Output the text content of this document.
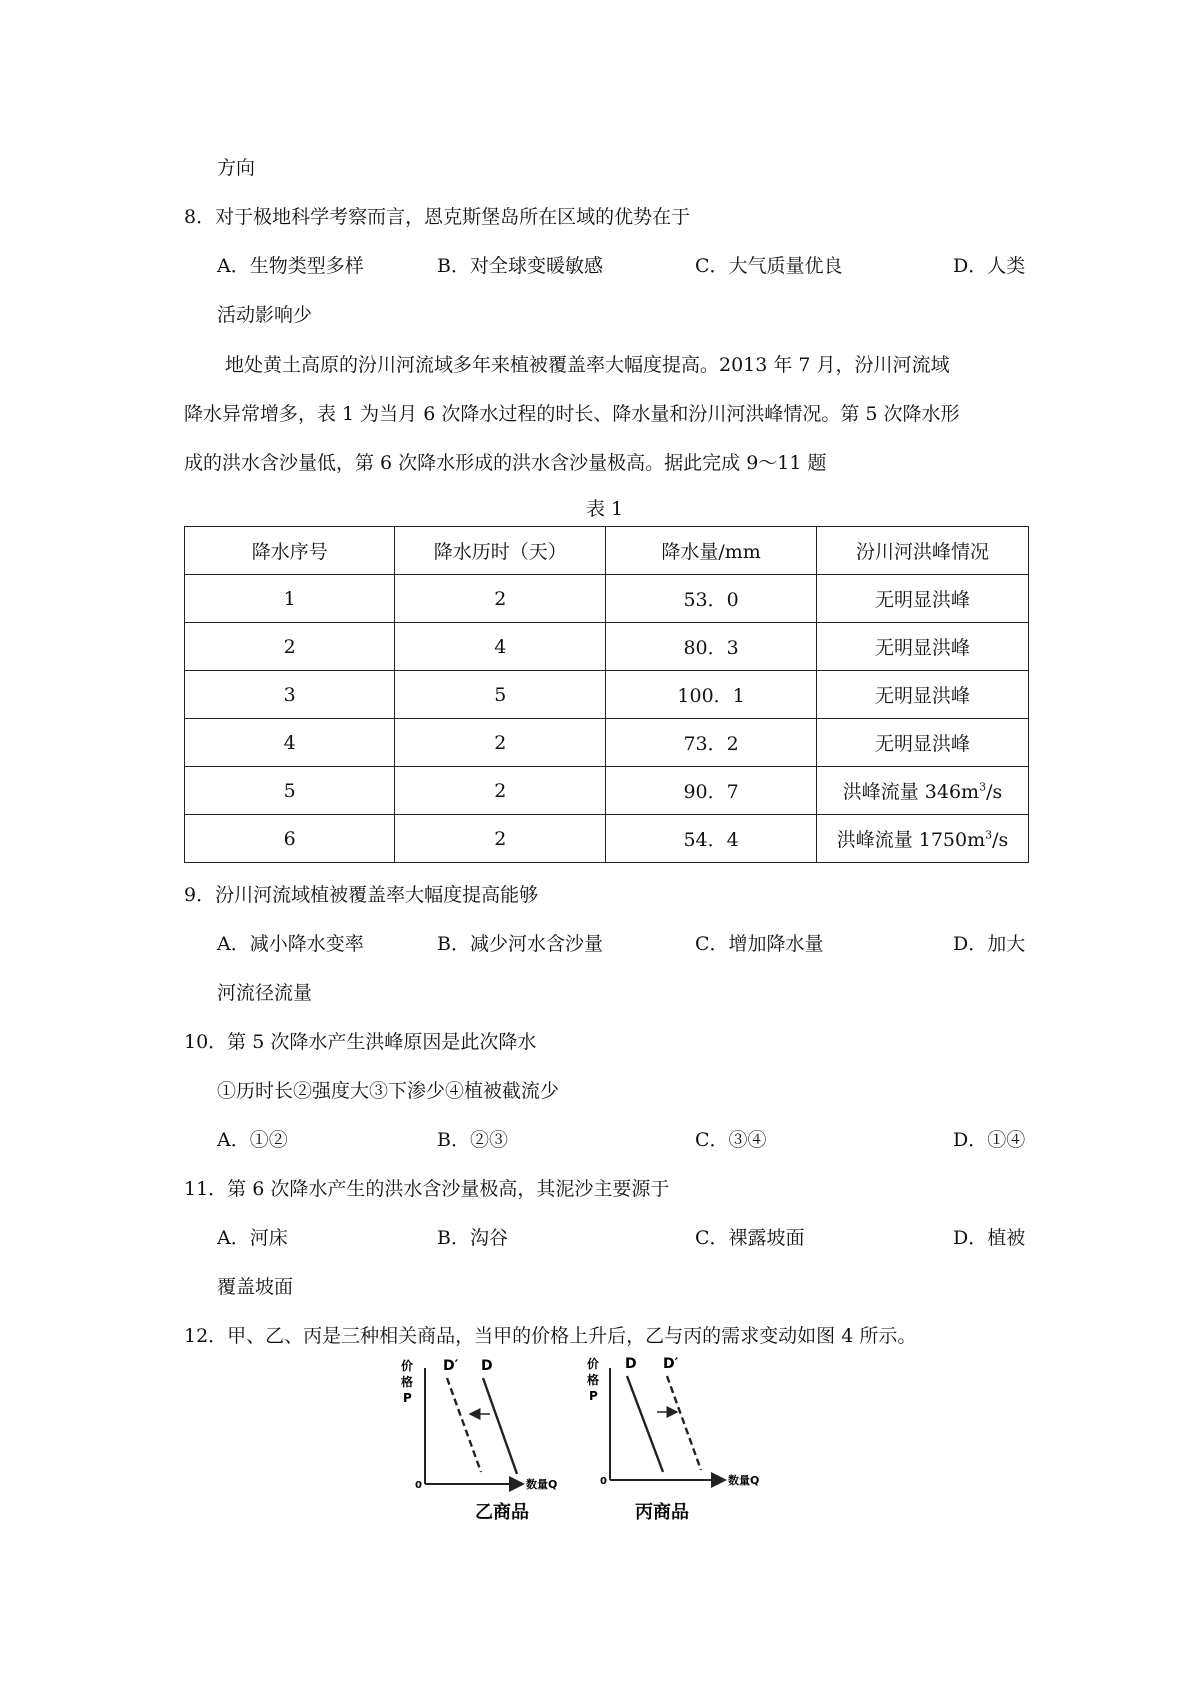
方向
8．对于极地科学考察而言，恩克斯堡岛所在区域的优势在于
A．生物类型多样	B．对全球变暖敏感	C．大气质量优良	D．人类
活动影响少
地处黄土高原的汾川河流域多年来植被覆盖率大幅度提高。2013 年 7 月，汾川河流域
降水异常增多，表 1 为当月 6 次降水过程的时长、降水量和汾川河洪峰情况。第 5 次降水形
成的洪水含沙量低，第 6 次降水形成的洪水含沙量极高。据此完成 9～11 题
表 1
降水序号	降水历时（天）	降水量/mm	汾川河洪峰情况
1	2	53．0	无明显洪峰
2	4	80．3	无明显洪峰
3	5	100．1	无明显洪峰
4	2	73．2	无明显洪峰
5	2	90．7	洪峰流量 $346m^3/s$
6	2	54．4	洪峰流量 $1750m^3/s$
9．汾川河流域植被覆盖率大幅度提高能够
A．减小降水变率	B．减少河水含沙量	C．增加降水量	D．加大
河流径流量
10．第 5 次降水产生洪峰原因是此次降水
①历时长②强度大③下渗少④植被截流少
A．①②	B．②③	C．③④	D．①④
11．第 6 次降水产生的洪水含沙量极高，其泥沙主要源于
A．河床	B．沟谷	C．裸露坡面	D．植被
覆盖坡面
12．甲、乙、丙是三种相关商品，当甲的价格上升后，乙与丙的需求变动如图 4 所示。
价
格
P
0	数量Q
D′ D
乙商品
价
格
P
0	数量Q
D D′
丙商品
